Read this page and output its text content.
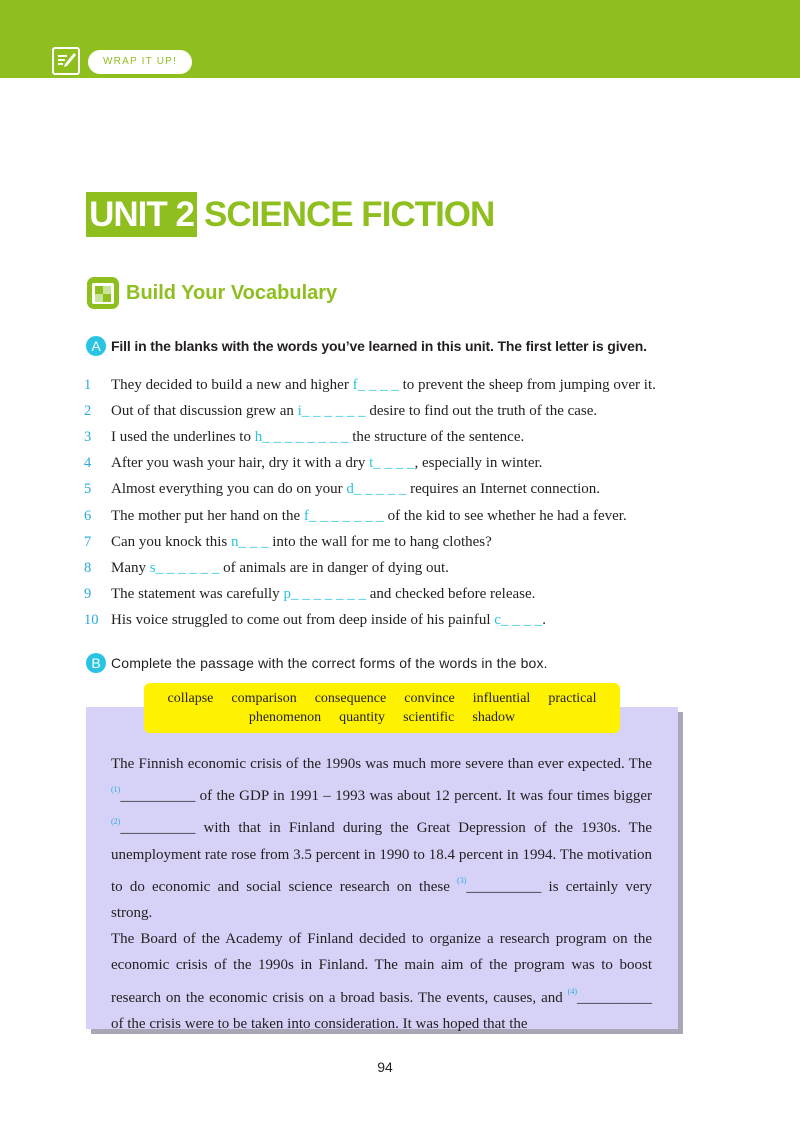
WRAP IT UP!
UNIT 2 SCIENCE FICTION
Build Your Vocabulary
A Fill in the blanks with the words you’ve learned in this unit. The first letter is given.
1	They decided to build a new and higher f_ _ _ _ to prevent the sheep from jumping over it.
2	Out of that discussion grew an i_ _ _ _ _ _ desire to find out the truth of the case.
3	I used the underlines to h_ _ _ _ _ _ _ _ the structure of the sentence.
4	After you wash your hair, dry it with a dry t_ _ _ _, especially in winter.
5	Almost everything you can do on your d_ _ _ _ _ requires an Internet connection.
6	The mother put her hand on the f_ _ _ _ _ _ _ of the kid to see whether he had a fever.
7	Can you knock this n_ _ _ into the wall for me to hang clothes?
8	Many s_ _ _ _ _ _ of animals are in danger of dying out.
9	The statement was carefully p_ _ _ _ _ _ _ and checked before release.
10 His voice struggled to come out from deep inside of his painful c_ _ _ _.
B Complete the passage with the correct forms of the words in the box.
collapse comparison consequence convince influential practical
phenomenon quantity scientific shadow

The Finnish economic crisis of the 1990s was much more severe than ever expected. The $^{(1)}$__________ of the GDP in 1991 – 1993 was about 12 percent. It was four times bigger $^{(2)}$__________ with that in Finland during the Great Depression of the 1930s. The unemployment rate rose from 3.5 percent in 1990 to 18.4 percent in 1994. The motivation to do economic and social science research on these $^{(3)}$__________ is certainly very strong.

The Board of the Academy of Finland decided to organize a research program on the economic crisis of the 1990s in Finland. The main aim of the program was to boost research on the economic crisis on a broad basis. The events, causes, and $^{(4)}$__________ of the crisis were to be taken into consideration. It was hoped that the

94
